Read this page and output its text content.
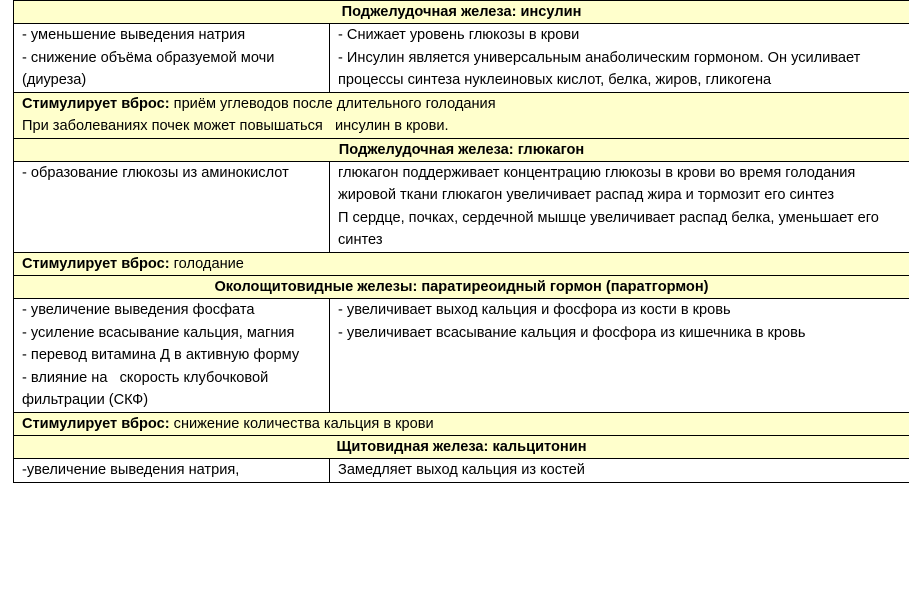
Поджелудочная железа: инсулин	

- уменьшение выведения натрия
- снижение объёма образуемой мочи (диуреза)	- Снижает уровень глюкозы в крови
- Инсулин является универсальным анаболическим гормоном. Он усиливает процессы синтеза нуклеиновых кислот, белка, жиров, гликогена

Стимулирует вброс: приём углеводов после длительного голодания
При заболеваниях почек может повышаться   инсулин в крови.	

Поджелудочная железа: глюкагон	

- образование глюкозы из аминокислот	глюкагон поддерживает концентрацию глюкозы в крови во время голодания
жировой ткани глюкагон увеличивает распад жира и тормозит его синтез
П сердце, почках, сердечной мышце увеличивает распад белка, уменьшает его синтез

Стимулирует вброс: голодание	

Околощитовидные железы: паратиреоидный гормон (паратгормон)	

- увеличение выведения фосфата
- усиление всасывание кальция, магния
- перевод витамина Д в активную форму
- влияние на   скорость клубочковой фильтрации (СКФ)	- увеличивает выход кальция и фосфора из кости в кровь
- увеличивает всасывание кальция и фосфора из кишечника в кровь

Стимулирует вброс: снижение количества кальция в крови	

Щитовидная железа: кальцитонин	

-увеличение выведения натрия,	Замедляет выход кальция из костей
